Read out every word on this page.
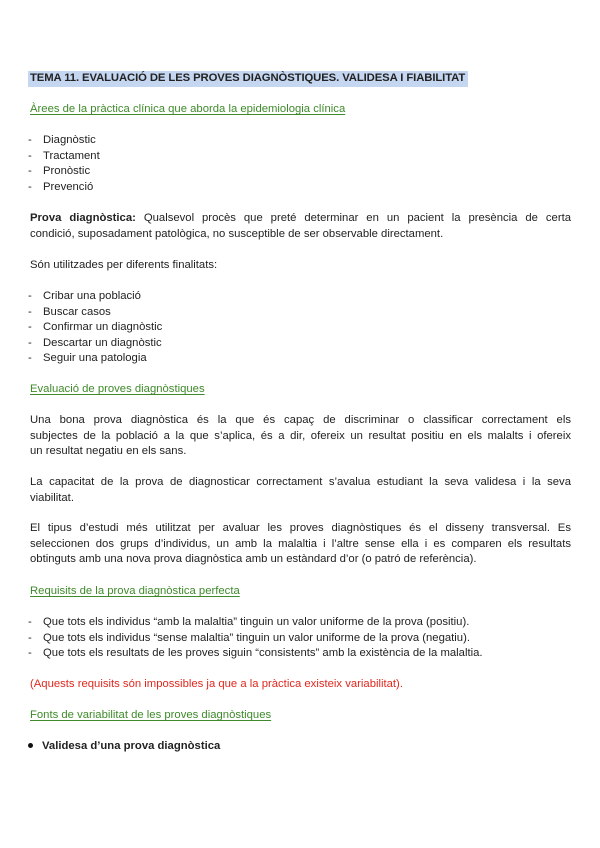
TEMA 11. EVALUACIÓ DE LES PROVES DIAGNÒSTIQUES. VALIDESA I FIABILITAT
Àrees de la pràctica clínica que aborda la epidemiologia clínica
- Diagnòstic
- Tractament
- Pronòstic
- Prevenció
Prova diagnòstica: Qualsevol procès que preté determinar en un pacient la presència de certa
condició, suposadament patològica, no susceptible de ser observable directament.
Són utilitzades per diferents finalitats:
- Cribar una població
- Buscar casos
- Confirmar un diagnòstic
- Descartar un diagnòstic
- Seguir una patologia
Evaluació de proves diagnòstiques
Una bona prova diagnòstica és la que és capaç de discriminar o classificar correctament els
subjectes de la població a la que s’aplica, és a dir, ofereix un resultat positiu en els malalts i ofereix
un resultat negatiu en els sans.
La capacitat de la prova de diagnosticar correctament s’avalua estudiant la seva validesa i la seva
viabilitat.
El tipus d’estudi més utilitzat per avaluar les proves diagnòstiques és el disseny transversal. Es
seleccionen dos grups d’individus, un amb la malaltia i l’altre sense ella i es comparen els resultats
obtinguts amb una nova prova diagnòstica amb un estàndard d’or (o patró de referència).
Requisits de la prova diagnòstica perfecta
- Que tots els individus “amb la malaltia” tinguin un valor uniforme de la prova (positiu).
- Que tots els individus “sense malaltia” tinguin un valor uniforme de la prova (negatiu).
- Que tots els resultats de les proves siguin “consistents” amb la existència de la malaltia.
(Aquests requisits són impossibles ja que a la pràctica existeix variabilitat).
Fonts de variabilitat de les proves diagnòstiques
Validesa d’una prova diagnòstica
